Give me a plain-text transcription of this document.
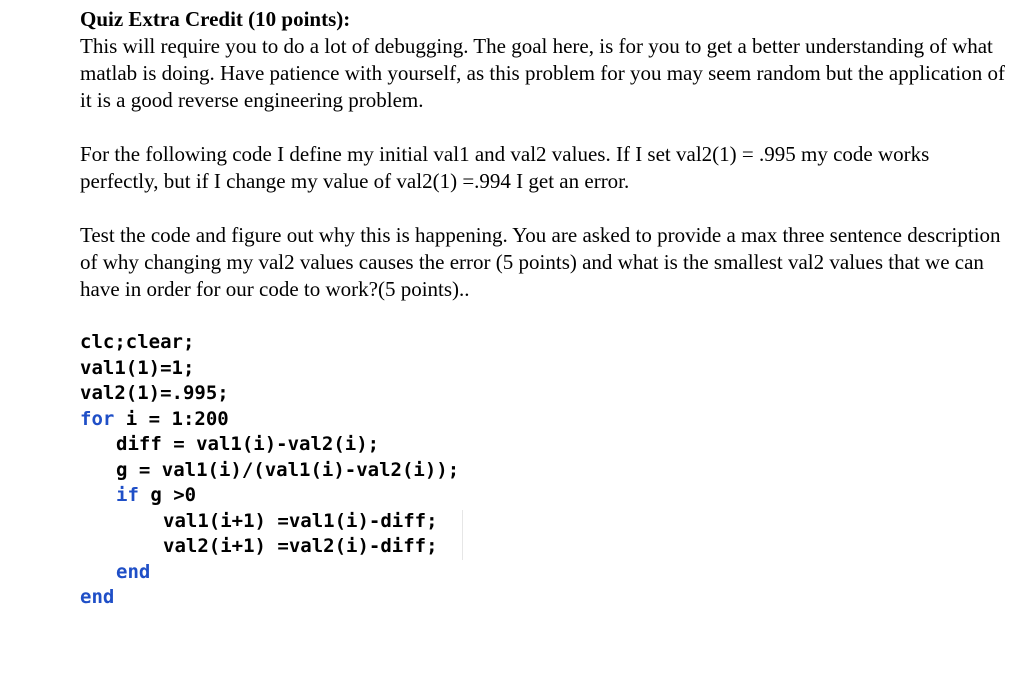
Quiz Extra Credit (10 points):

This will require you to do a lot of debugging. The goal here, is for you to get a better understanding of what matlab is doing. Have patience with yourself, as this problem for you may seem random but the application of it is a good reverse engineering problem.

For the following code I define my initial val1 and val2 values. If I set val2(1) = .995 my code works perfectly, but if I change my value of val2(1) =.994 I get an error.

Test the code and figure out why this is happening. You are asked to provide a max three sentence description of why changing my val2 values causes the error (5 points) and what is the smallest val2 values that we can have in order for our code to work?(5 points)..

clc;clear;
val1(1)=1;
val2(1)=.995;
for i = 1:200
diff = val1(i)-val2(i);
g = val1(i)/(val1(i)-val2(i));
if g >0
val1(i+1) =val1(i)-diff;
val2(i+1) =val2(i)-diff;
end
end
